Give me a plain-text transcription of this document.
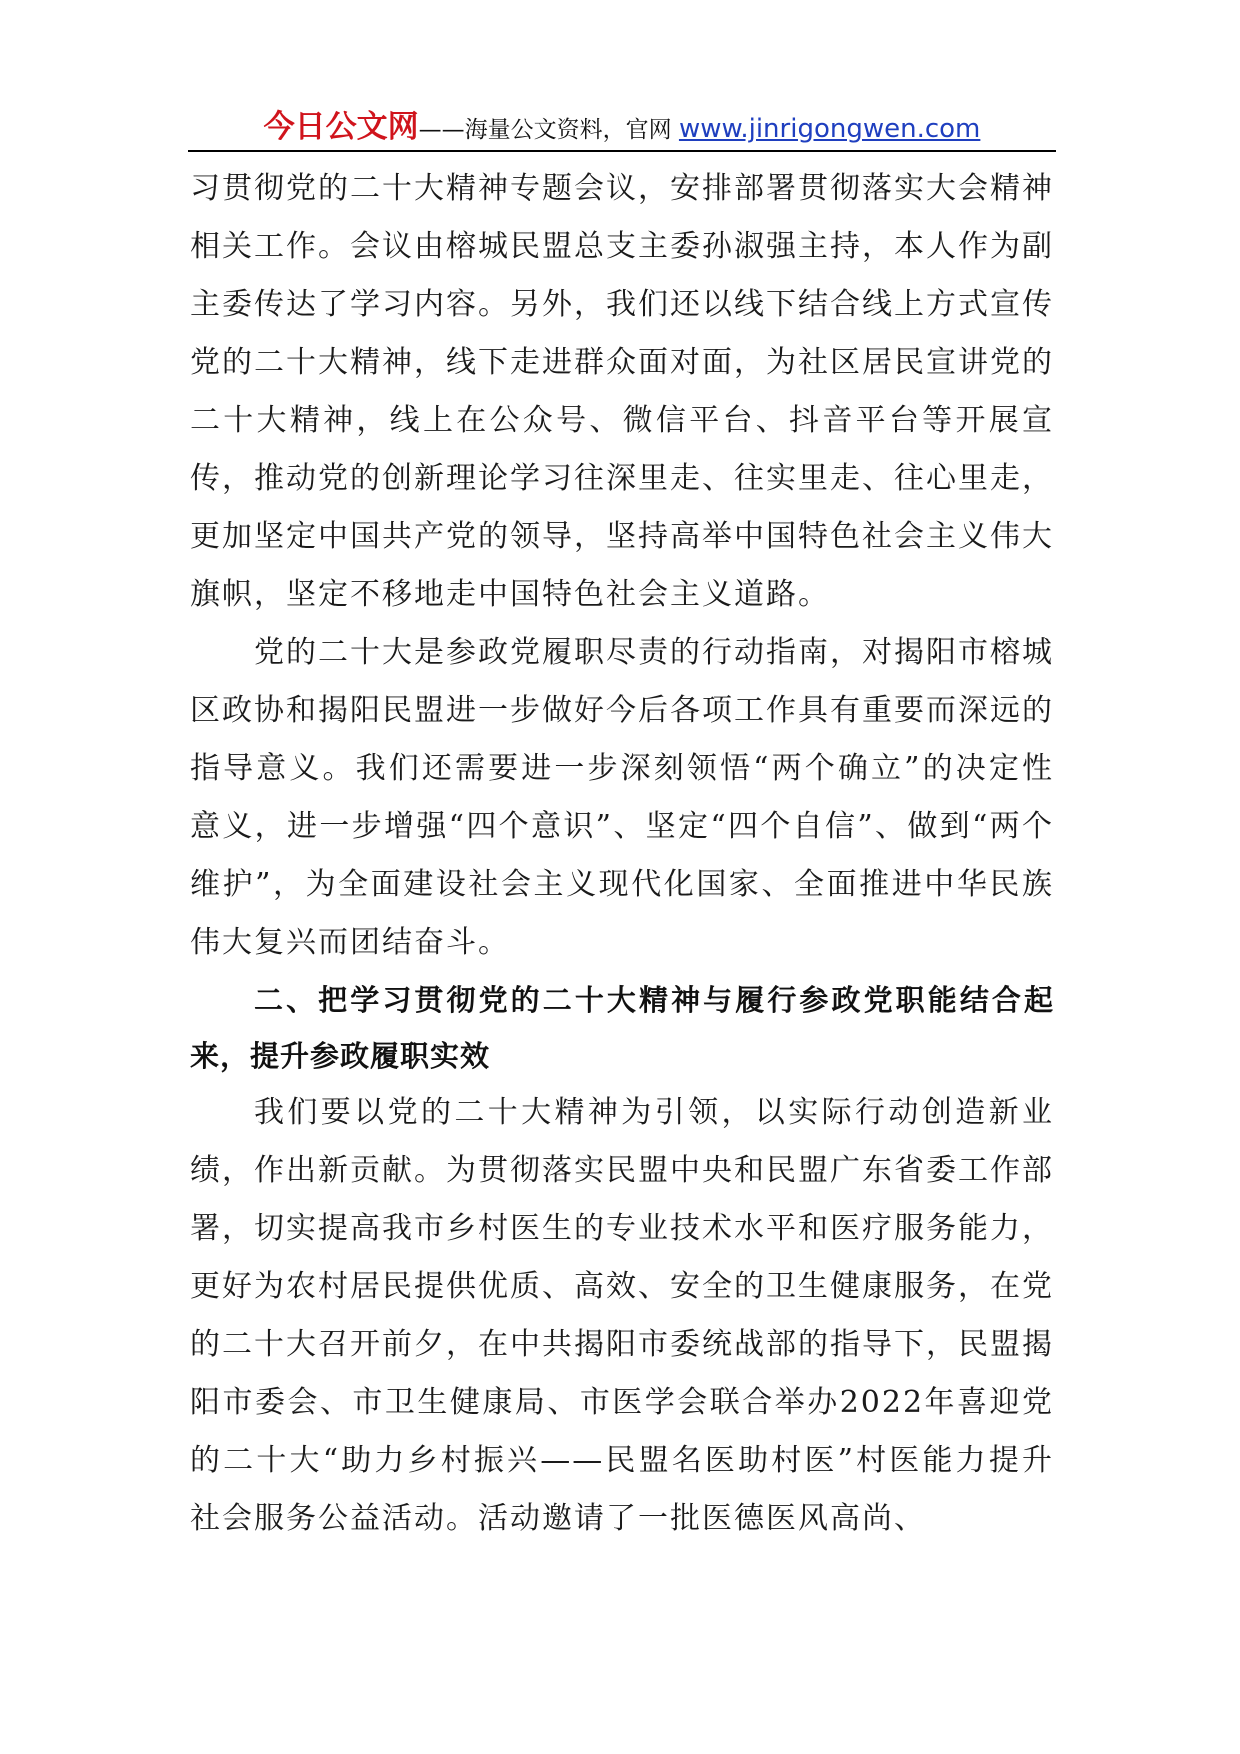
今日公文网——海量公文资料，官网 www.jinrigongwen.com

习贯彻党的二十大精神专题会议，安排部署贯彻落实大会精神相关工作。会议由榕城民盟总支主委孙淑强主持，本人作为副主委传达了学习内容。另外，我们还以线下结合线上方式宣传党的二十大精神，线下走进群众面对面，为社区居民宣讲党的二十大精神，线上在公众号、微信平台、抖音平台等开展宣传，推动党的创新理论学习往深里走、往实里走、往心里走，更加坚定中国共产党的领导，坚持高举中国特色社会主义伟大旗帜，坚定不移地走中国特色社会主义道路。

党的二十大是参政党履职尽责的行动指南，对揭阳市榕城区政协和揭阳民盟进一步做好今后各项工作具有重要而深远的指导意义。我们还需要进一步深刻领悟“两个确立”的决定性意义，进一步增强“四个意识”、坚定“四个自信”、做到“两个维护”，为全面建设社会主义现代化国家、全面推进中华民族伟大复兴而团结奋斗。

二、把学习贯彻党的二十大精神与履行参政党职能结合起来，提升参政履职实效

我们要以党的二十大精神为引领，以实际行动创造新业绩，作出新贡献。为贯彻落实民盟中央和民盟广东省委工作部署，切实提高我市乡村医生的专业技术水平和医疗服务能力，更好为农村居民提供优质、高效、安全的卫生健康服务，在党的二十大召开前夕，在中共揭阳市委统战部的指导下，民盟揭阳市委会、市卫生健康局、市医学会联合举办2022年喜迎党的二十大“助力乡村振兴——民盟名医助村医”村医能力提升社会服务公益活动。活动邀请了一批医德医风高尚、
